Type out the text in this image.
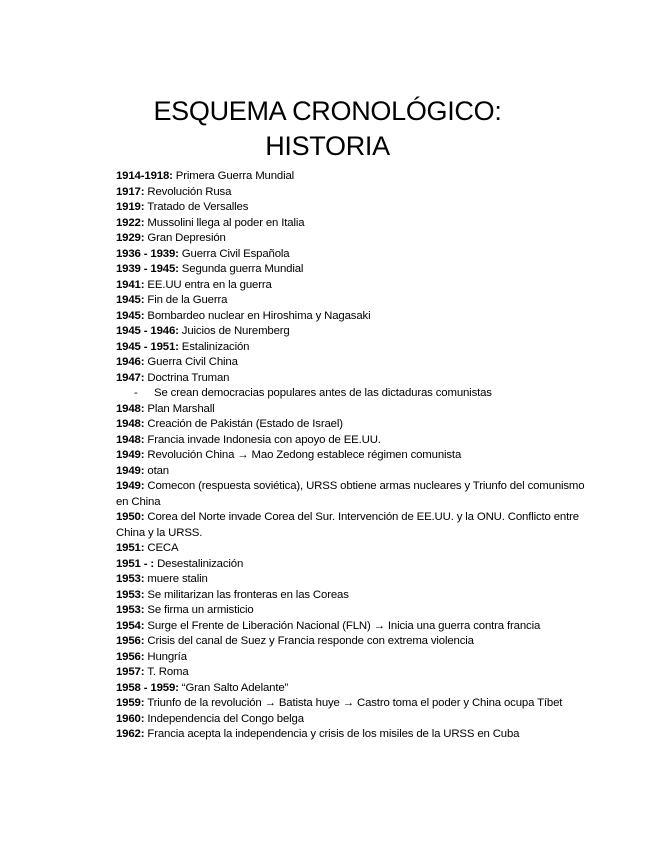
ESQUEMA CRONOLÓGICO:
HISTORIA
1914-1918: Primera Guerra Mundial
1917: Revolución Rusa
1919: Tratado de Versalles
1922: Mussolini llega al poder en Italia
1929: Gran Depresión
1936 - 1939: Guerra Civil Española
1939 - 1945: Segunda guerra Mundial
1941: EE.UU entra en la guerra
1945: Fin de la Guerra
1945: Bombardeo nuclear en Hiroshima y Nagasaki
1945 - 1946: Juicios de Nuremberg
1945 - 1951: Estalinización
1946: Guerra Civil China
1947: Doctrina Truman
- Se crean democracias populares antes de las dictaduras comunistas
1948: Plan Marshall
1948: Creación de Pakistán (Estado de Israel)
1948: Francia invade Indonesia con apoyo de EE.UU.
1949: Revolución China → Mao Zedong establece régimen comunista
1949: otan
1949: Comecon (respuesta soviética), URSS obtiene armas nucleares y Triunfo del comunismo en China
1950: Corea del Norte invade Corea del Sur. Intervención de EE.UU. y la ONU. Conflicto entre China y la URSS.
1951: CECA
1951 - : Desestalinización
1953: muere stalin
1953: Se militarizan las fronteras en las Coreas
1953: Se firma un armisticio
1954: Surge el Frente de Liberación Nacional (FLN) → Inicia una guerra contra francia
1956: Crisis del canal de Suez y Francia responde con extrema violencia
1956: Hungría
1957: T. Roma
1958 - 1959: “Gran Salto Adelante”
1959: Triunfo de la revolución → Batista huye → Castro toma el poder y China ocupa Tíbet
1960: Independencia del Congo belga
1962: Francia acepta la independencia y crisis de los misiles de la URSS en Cuba
